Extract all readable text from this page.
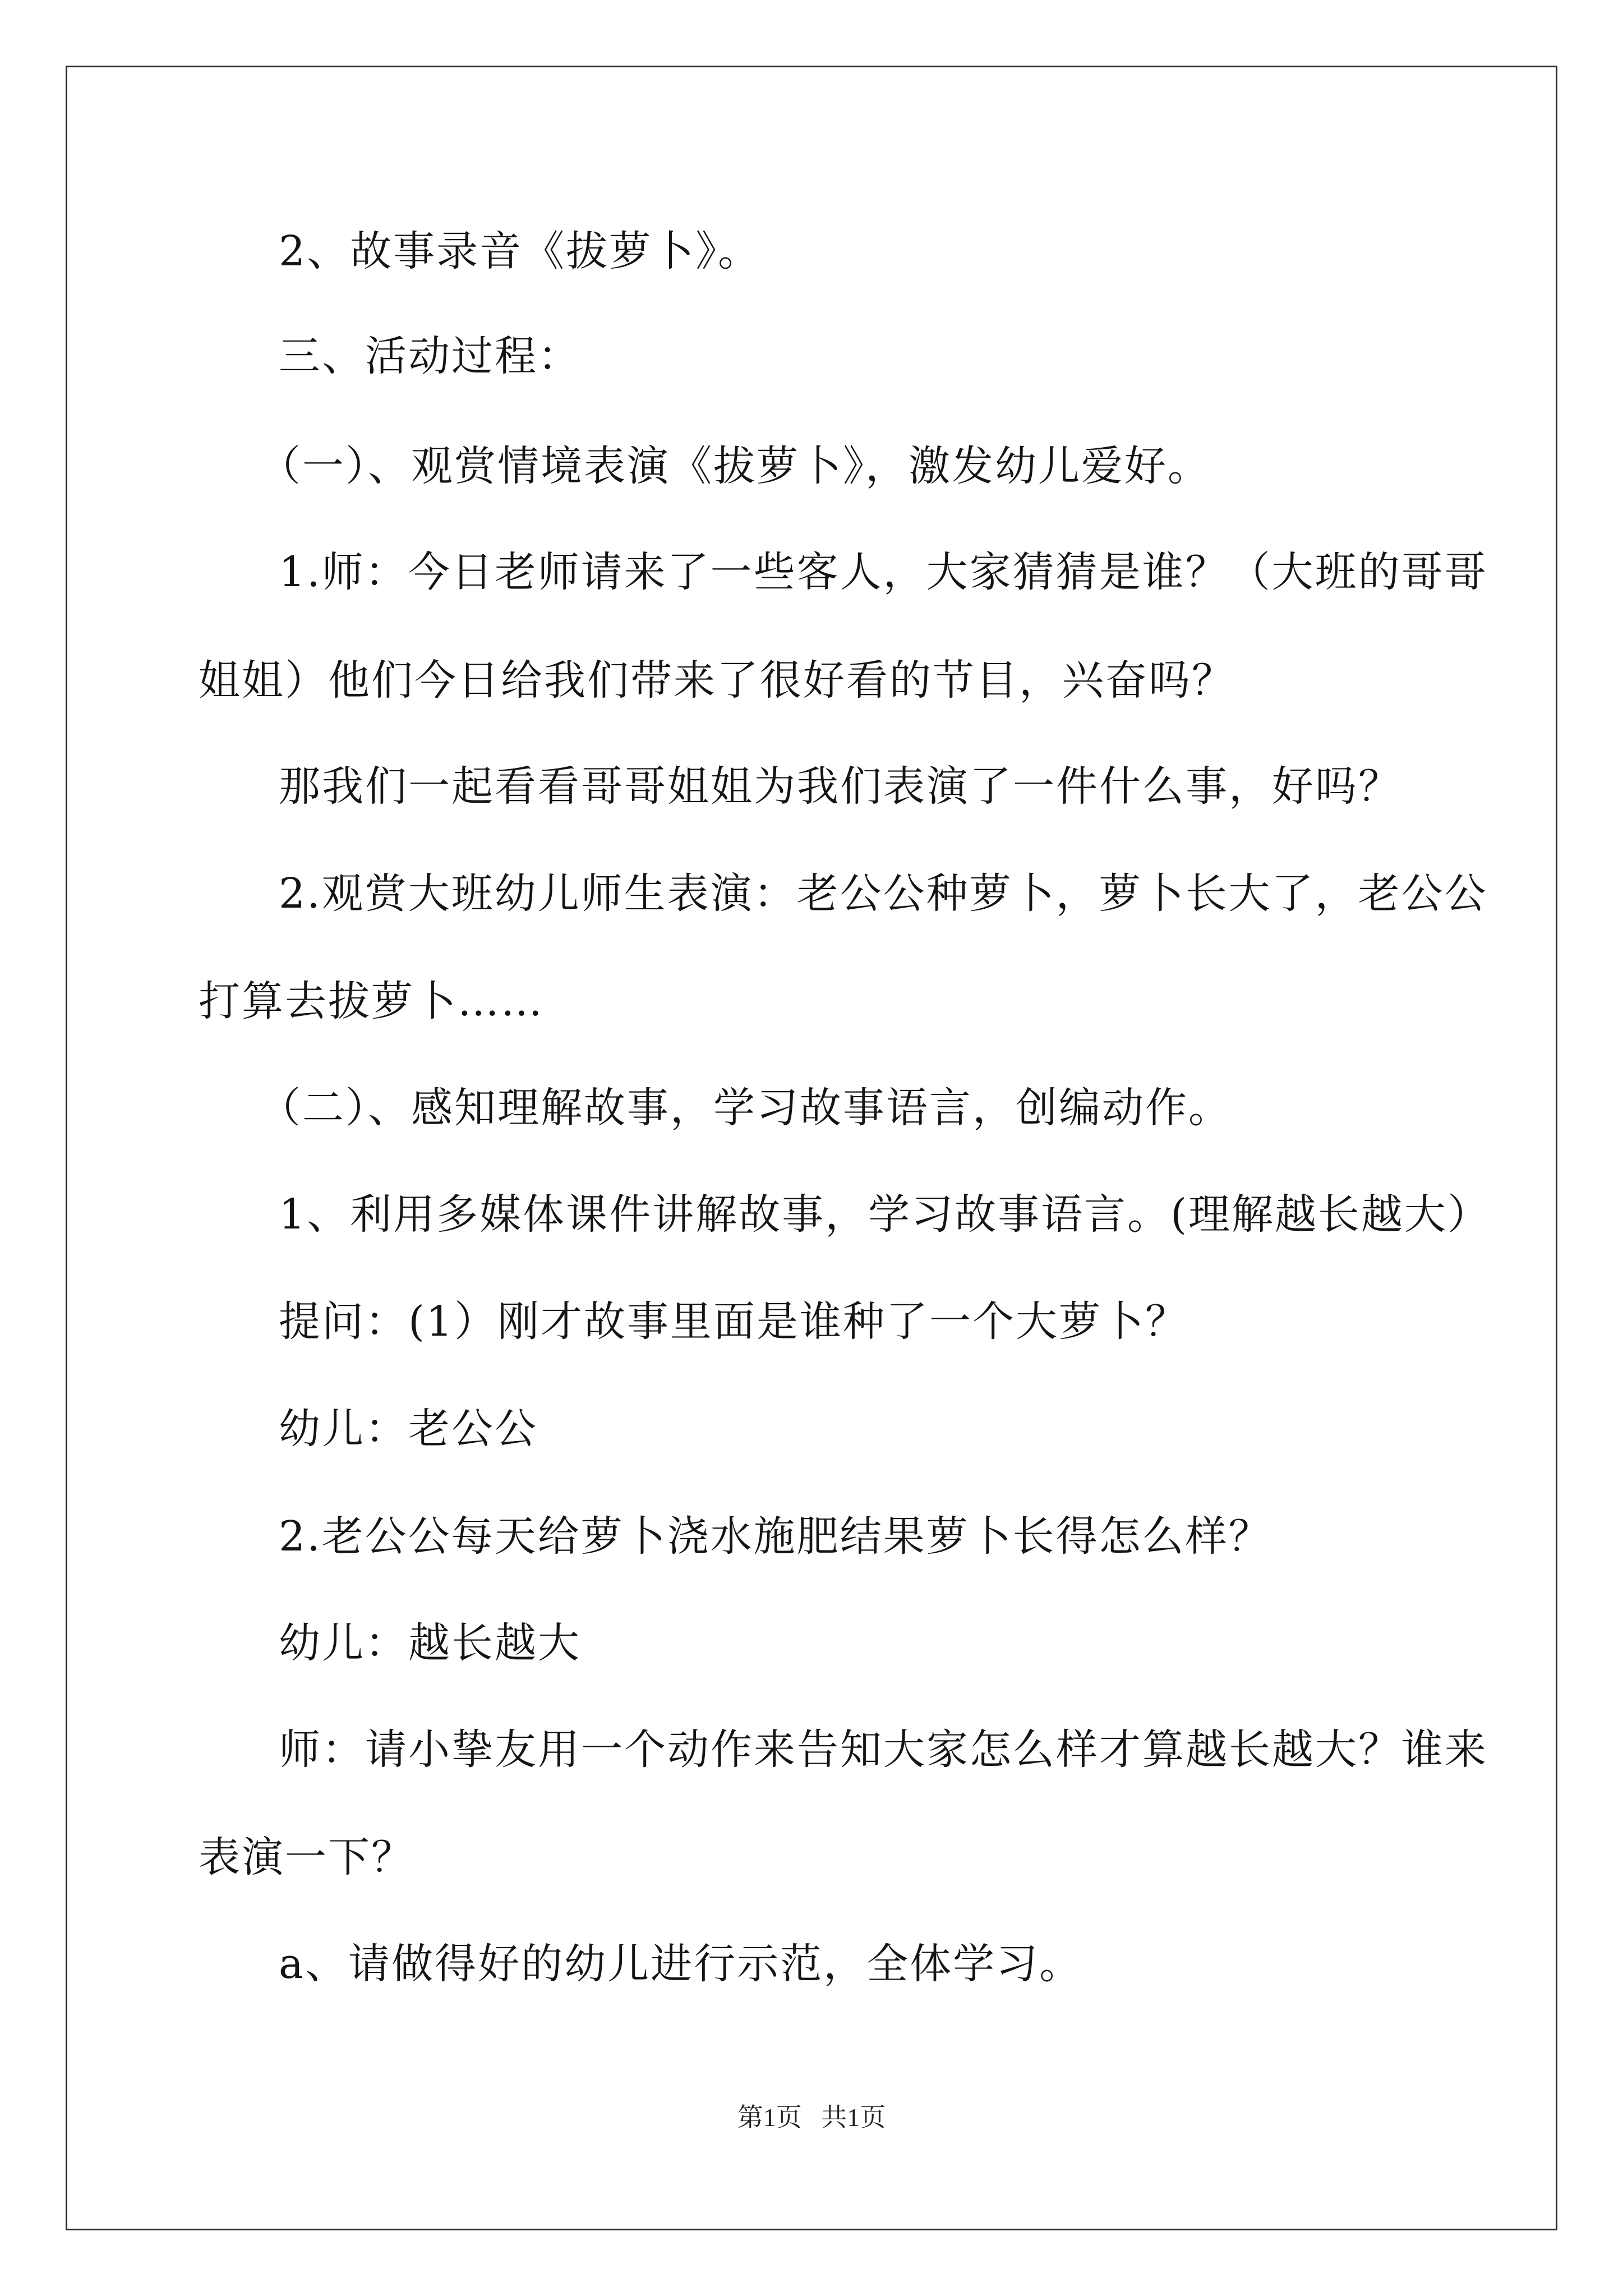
2、故事录音《拔萝卜》。
三、活动过程：
（一）、观赏情境表演《拔萝卜》，激发幼儿爱好。
1.师：今日老师请来了一些客人，大家猜猜是谁？（大班的哥哥
姐姐）他们今日给我们带来了很好看的节目，兴奋吗？
那我们一起看看哥哥姐姐为我们表演了一件什么事，好吗？
2.观赏大班幼儿师生表演：老公公种萝卜，萝卜长大了，老公公
打算去拔萝卜……
（二）、感知理解故事，学习故事语言，创编动作。
1、利用多媒体课件讲解故事，学习故事语言。(理解越长越大）
提问：(1）刚才故事里面是谁种了一个大萝卜？
幼儿：老公公
2.老公公每天给萝卜浇水施肥结果萝卜长得怎么样？
幼儿：越长越大
师：请小挚友用一个动作来告知大家怎么样才算越长越大？谁来
表演一下？
a、请做得好的幼儿进行示范，全体学习。
第1页   共1页
